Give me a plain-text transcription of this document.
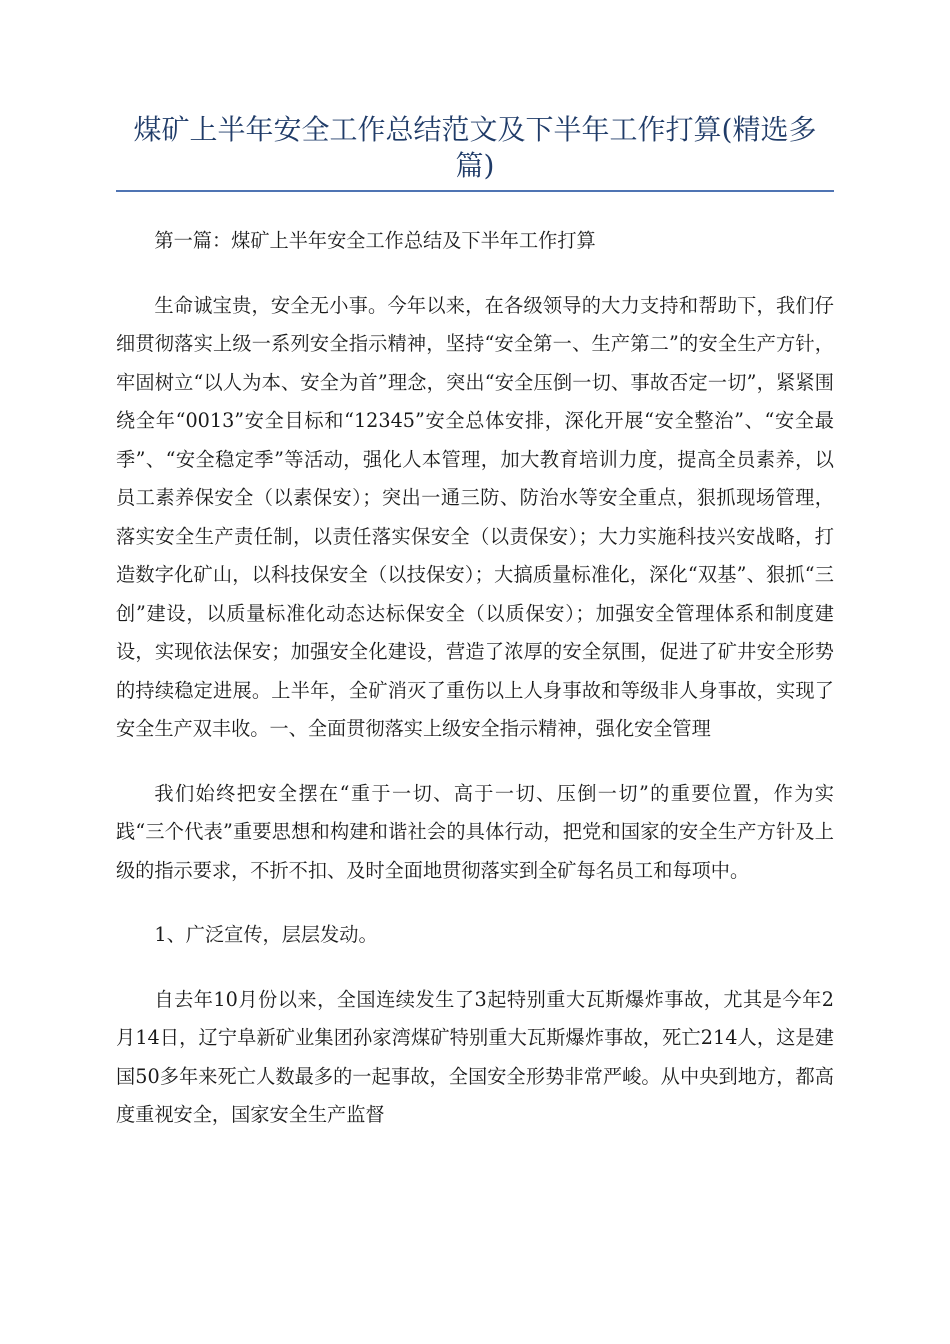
煤矿上半年安全工作总结范文及下半年工作打算(精选多篇)

第一篇：煤矿上半年安全工作总结及下半年工作打算

生命诚宝贵，安全无小事。今年以来，在各级领导的大力支持和帮助下，我们仔细贯彻落实上级一系列安全指示精神，坚持“安全第一、生产第二”的安全生产方针，牢固树立“以人为本、安全为首”理念，突出“安全压倒一切、事故否定一切”，紧紧围绕全年“0013”安全目标和“12345”安全总体安排，深化开展“安全整治”、“安全最季”、“安全稳定季”等活动，强化人本管理，加大教育培训力度，提高全员素养，以员工素养保安全（以素保安）；突出一通三防、防治水等安全重点，狠抓现场管理，落实安全生产责任制，以责任落实保安全（以责保安）；大力实施科技兴安战略，打造数字化矿山，以科技保安全（以技保安）；大搞质量标准化，深化“双基”、狠抓“三创”建设，以质量标准化动态达标保安全（以质保安）；加强安全管理体系和制度建设，实现依法保安；加强安全化建设，营造了浓厚的安全氛围，促进了矿井安全形势的持续稳定进展。上半年，全矿消灭了重伤以上人身事故和等级非人身事故，实现了安全生产双丰收。一、全面贯彻落实上级安全指示精神，强化安全管理

我们始终把安全摆在“重于一切、高于一切、压倒一切”的重要位置，作为实践“三个代表”重要思想和构建和谐社会的具体行动，把党和国家的安全生产方针及上级的指示要求，不折不扣、及时全面地贯彻落实到全矿每名员工和每项中。

1、广泛宣传，层层发动。

自去年10月份以来，全国连续发生了3起特别重大瓦斯爆炸事故，尤其是今年2月14日，辽宁阜新矿业集团孙家湾煤矿特别重大瓦斯爆炸事故，死亡214人，这是建国50多年来死亡人数最多的一起事故，全国安全形势非常严峻。从中央到地方，都高度重视安全，国家安全生产监督
